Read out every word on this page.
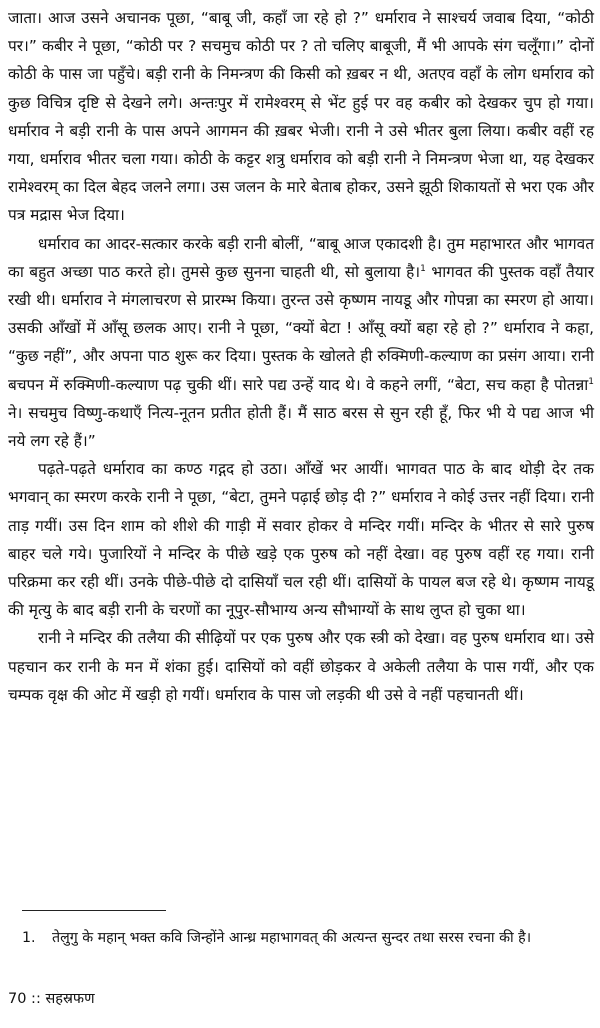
जाता। आज उसने अचानक पूछा, “बाबू जी, कहाँ जा रहे हो ?” धर्माराव ने साश्चर्य जवाब दिया, “कोठी पर।” कबीर ने पूछा, “कोठी पर ? सचमुच कोठी पर ? तो चलिए बाबूजी, मैं भी आपके संग चलूँगा।” दोनों कोठी के पास जा पहुँचे। बड़ी रानी के निमन्त्रण की किसी को ख़बर न थी, अतएव वहाँ के लोग धर्माराव को कुछ विचित्र दृष्टि से देखने लगे। अन्तःपुर में रामेश्वरम् से भेंट हुई पर वह कबीर को देखकर चुप हो गया। धर्माराव ने बड़ी रानी के पास अपने आगमन की ख़बर भेजी। रानी ने उसे भीतर बुला लिया। कबीर वहीं रह गया, धर्माराव भीतर चला गया। कोठी के कट्टर शत्रु धर्माराव को बड़ी रानी ने निमन्त्रण भेजा था, यह देखकर रामेश्वरम् का दिल बेहद जलने लगा। उस जलन के मारे बेताब होकर, उसने झूठी शिकायतों से भरा एक और पत्र मद्रास भेज दिया।

धर्माराव का आदर-सत्कार करके बड़ी रानी बोलीं, “बाबू आज एकादशी है। तुम महाभारत और भागवत का बहुत अच्छा पाठ करते हो। तुमसे कुछ सुनना चाहती थी, सो बुलाया है।$^1$ भागवत की पुस्तक वहाँ तैयार रखी थी। धर्माराव ने मंगलाचरण से प्रारम्भ किया। तुरन्त उसे कृष्णम नायडू और गोपन्ना का स्मरण हो आया। उसकी आँखों में आँसू छलक आए। रानी ने पूछा, “क्यों बेटा ! आँसू क्यों बहा रहे हो ?” धर्माराव ने कहा, “कुछ नहीं”, और अपना पाठ शुरू कर दिया। पुस्तक के खोलते ही रुक्मिणी-कल्याण का प्रसंग आया। रानी बचपन में रुक्मिणी-कल्याण पढ़ चुकी थीं। सारे पद्य उन्हें याद थे। वे कहने लगीं, “बेटा, सच कहा है पोतन्ना$^1$ ने। सचमुच विष्णु-कथाएँ नित्य-नूतन प्रतीत होती हैं। मैं साठ बरस से सुन रही हूँ, फिर भी ये पद्य आज भी नये लग रहे हैं।”

पढ़ते-पढ़ते धर्माराव का कण्ठ गद्गद हो उठा। आँखें भर आयीं। भागवत पाठ के बाद थोड़ी देर तक भगवान् का स्मरण करके रानी ने पूछा, “बेटा, तुमने पढ़ाई छोड़ दी ?” धर्माराव ने कोई उत्तर नहीं दिया। रानी ताड़ गयीं। उस दिन शाम को शीशे की गाड़ी में सवार होकर वे मन्दिर गयीं। मन्दिर के भीतर से सारे पुरुष बाहर चले गये। पुजारियों ने मन्दिर के पीछे खड़े एक पुरुष को नहीं देखा। वह पुरुष वहीं रह गया। रानी परिक्रमा कर रही थीं। उनके पीछे-पीछे दो दासियाँ चल रही थीं। दासियों के पायल बज रहे थे। कृष्णम नायडू की मृत्यु के बाद बड़ी रानी के चरणों का नूपुर-सौभाग्य अन्य सौभाग्यों के साथ लुप्त हो चुका था।

रानी ने मन्दिर की तलैया की सीढ़ियों पर एक पुरुष और एक स्त्री को देखा। वह पुरुष धर्माराव था। उसे पहचान कर रानी के मन में शंका हुई। दासियों को वहीं छोड़कर वे अकेली तलैया के पास गयीं, और एक चम्पक वृक्ष की ओट में खड़ी हो गयीं। धर्माराव के पास जो लड़की थी उसे वे नहीं पहचानती थीं।

1. तेलुगु के महान् भक्त कवि जिन्होंने आन्ध्र महाभागवत् की अत्यन्त सुन्दर तथा सरस रचना की है।
70 :: सहस्रफण
